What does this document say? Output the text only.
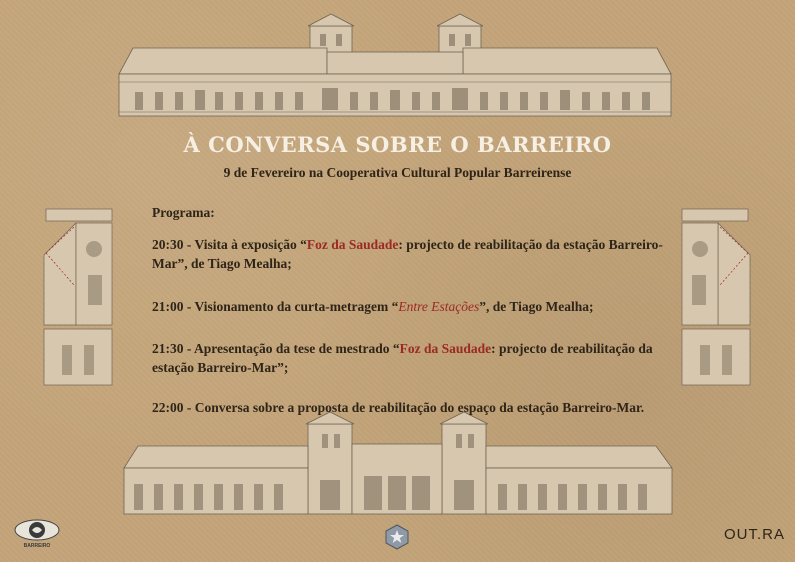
À CONVERSA SOBRE O BARREIRO

9 de Fevereiro na Cooperativa Cultural Popular Barreirense

Programa:

20:30 - Visita à exposição “Foz da Saudade: projecto de reabilitação da estação Barreiro-Mar”, de Tiago Mealha;

21:00 - Visionamento da curta-metragem “Entre Estações”, de Tiago Mealha;

21:30 - Apresentação da tese de mestrado “Foz da Saudade: projecto de reabilitação da estação Barreiro-Mar”;

22:00 - Conversa sobre a proposta de reabilitação do espaço da estação Barreiro-Mar.

BARREIRO
OUT.RA
